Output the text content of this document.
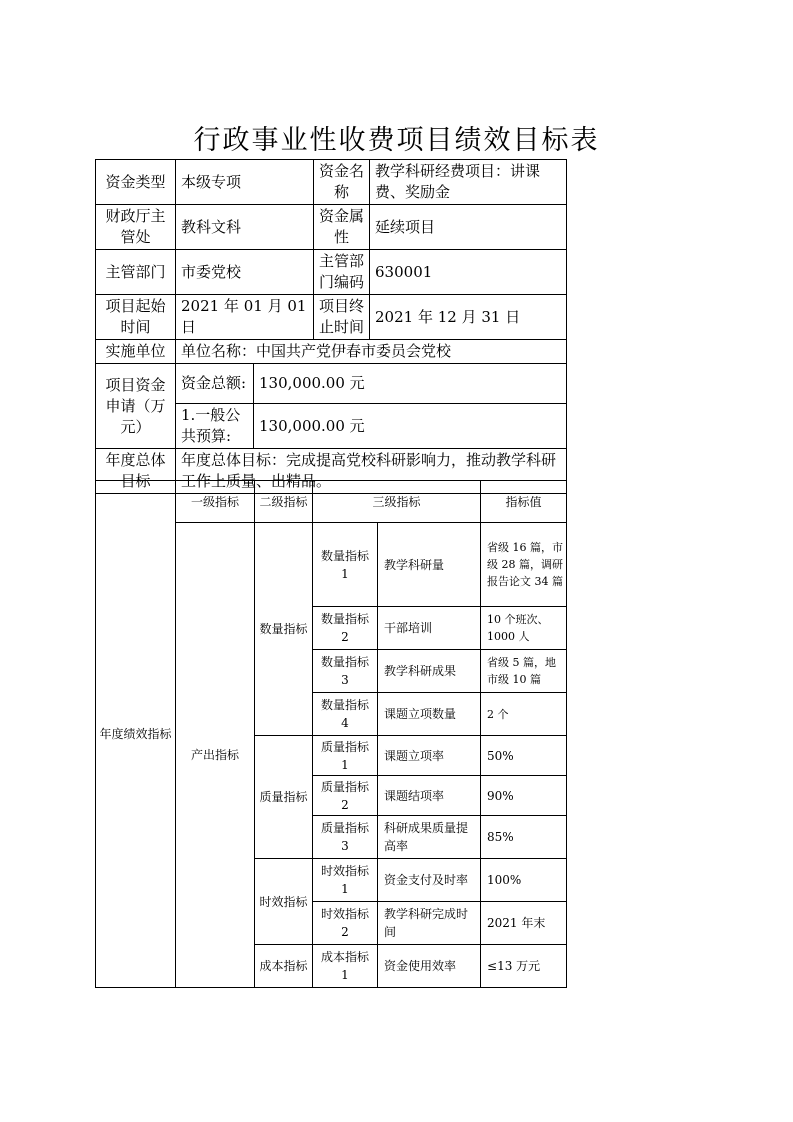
行政事业性收费项目绩效目标表
资金类型	本级专项		资金名称	教学科研经费项目：讲课费、奖励金
财政厅主管处	教科文科		资金属性	延续项目
主管部门	市委党校		主管部门编码	630001
项目起始时间	2021 年 01 月 01 日		项目终止时间	2021 年 12 月 31 日
实施单位	单位名称：中国共产党伊春市委员会党校			
项目资金申请（万元）	资金总额:	130,000.00 元		
	1.一般公共预算:	130,000.00 元		
年度总体目标	年度总体目标：完成提高党校科研影响力，推动教学科研工作上质量、出精品。			
年度绩效指标	一级指标	二级指标	三级指标		指标值
	产出指标	数量指标	数量指标 1	教学科研量	省级 16 篇，市级 28 篇，调研报告论文 34 篇
			数量指标 2	干部培训	10 个班次、1000 人
			数量指标 3	教学科研成果	省级 5 篇，地市级 10 篇
			数量指标 4	课题立项数量	2 个
		质量指标	质量指标 1	课题立项率	50%
			质量指标 2	课题结项率	90%
			质量指标 3	科研成果质量提高率	85%
		时效指标	时效指标 1	资金支付及时率	100%
			时效指标 2	教学科研完成时间	2021 年末
		成本指标	成本指标 1	资金使用效率	≤13 万元
